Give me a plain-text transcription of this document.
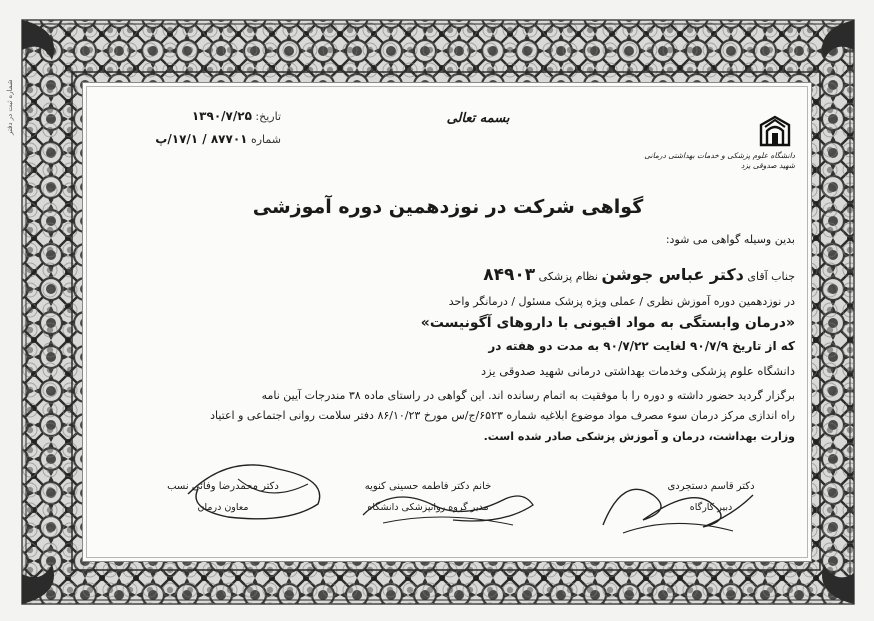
شماره ثبت در دفتر	بسمه تعالی
تاریخ: ۱۳۹۰/۷/۲۵
شماره ۸۷۷۰۱ / ۱۷/۱/پ
دانشگاه علوم پزشکی و خدمات بهداشتی درمانی
شهید صدوقی یزد
گواهی شرکت در نوزدهمین دوره آموزشی
بدین وسیله گواهی می شود:
جناب آقای دکتر عباس جوشن نظام پزشکی ۸۴۹۰۳
در نوزدهمین دوره آموزش نظری / عملی ویژه پزشک مسئول / درمانگر واحد
«درمان وابستگی به مواد افیونی با داروهای آگونیست»
که از تاریخ ۹۰/۷/۹ لغایت ۹۰/۷/۲۲ به مدت دو هفته در
دانشگاه علوم پزشکی وخدمات بهداشتی درمانی شهید صدوقی یزد
برگزار گردید حضور داشته و دوره را با موفقیت به اتمام رسانده اند. این گواهی در راستای ماده ۳۸ مندرجات آیین نامه
راه اندازی مرکز درمان سوء مصرف مواد موضوع ابلاغیه شماره ۶۵۲۳/ج/س مورخ ۸۶/۱۰/۲۳ دفتر سلامت روانی اجتماعی و اعتیاد
وزارت بهداشت، درمان و آموزش پزشکی صادر شده است.
دکتر قاسم دستجردی
دبیر کارگاه
خانم دکتر فاطمه حسینی کنویه
مدیر گروه روانپزشکی دانشگاه
دکتر محمدرضا وفائی نسب
معاون درمان
